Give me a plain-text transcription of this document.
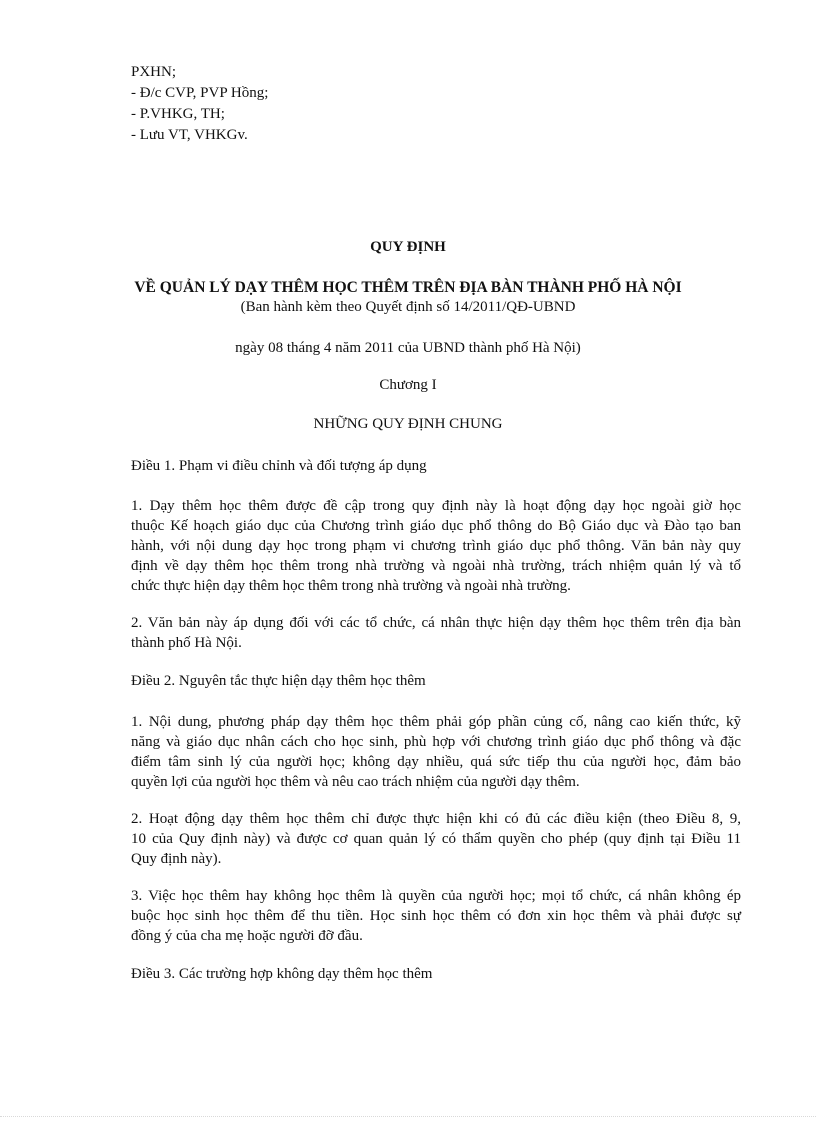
PXHN;
- Đ/c CVP, PVP Hồng;
- P.VHKG, TH;
- Lưu VT, VHKGv.
QUY ĐỊNH
VỀ QUẢN LÝ DẠY THÊM HỌC THÊM TRÊN ĐỊA BÀN THÀNH PHỐ HÀ NỘI
(Ban hành kèm theo Quyết định số 14/2011/QĐ-UBND
ngày 08 tháng 4 năm 2011 của UBND thành phố Hà Nội)
Chương I
NHỮNG QUY ĐỊNH CHUNG
Điều 1. Phạm vi điều chỉnh và đối tượng áp dụng
1. Dạy thêm học thêm được đề cập trong quy định này là hoạt động dạy học ngoài giờ học
thuộc Kế hoạch giáo dục của Chương trình giáo dục phổ thông do Bộ Giáo dục và Đào tạo ban
hành, với nội dung dạy học trong phạm vi chương trình giáo dục phổ thông. Văn bản này quy
định về dạy thêm học thêm trong nhà trường và ngoài nhà trường, trách nhiệm quản lý và tổ
chức thực hiện dạy thêm học thêm trong nhà trường và ngoài nhà trường.
2. Văn bản này áp dụng đối với các tổ chức, cá nhân thực hiện dạy thêm học thêm trên địa bàn
thành phố Hà Nội.
Điều 2. Nguyên tắc thực hiện dạy thêm học thêm
1. Nội dung, phương pháp dạy thêm học thêm phải góp phần củng cố, nâng cao kiến thức, kỹ
năng và giáo dục nhân cách cho học sinh, phù hợp với chương trình giáo dục phổ thông và đặc
điểm tâm sinh lý của người học; không dạy nhiều, quá sức tiếp thu của người học, đảm bảo
quyền lợi của người học thêm và nêu cao trách nhiệm của người dạy thêm.
2. Hoạt động dạy thêm học thêm chỉ được thực hiện khi có đủ các điều kiện (theo Điều 8, 9,
10 của Quy định này) và được cơ quan quản lý có thẩm quyền cho phép (quy định tại Điều 11
Quy định này).
3. Việc học thêm hay không học thêm là quyền của người học; mọi tổ chức, cá nhân không ép
buộc học sinh học thêm để thu tiền. Học sinh học thêm có đơn xin học thêm và phải được sự
đồng ý của cha mẹ hoặc người đỡ đầu.
Điều 3. Các trường hợp không dạy thêm học thêm
